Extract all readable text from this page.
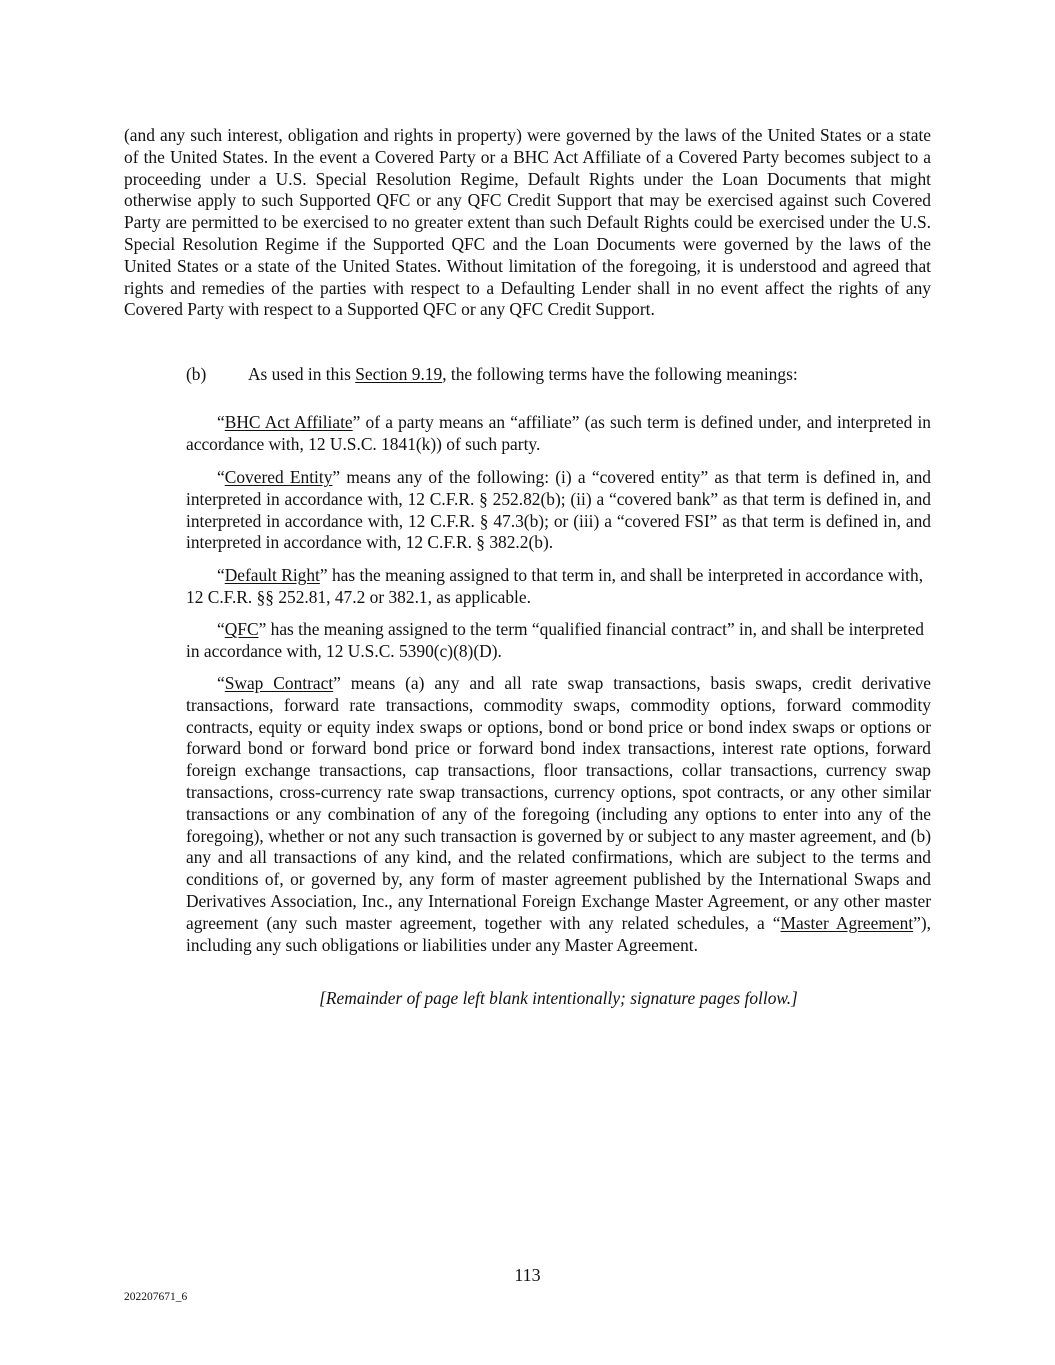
(and any such interest, obligation and rights in property) were governed by the laws of the United States or a state of the United States. In the event a Covered Party or a BHC Act Affiliate of a Covered Party becomes subject to a proceeding under a U.S. Special Resolution Regime, Default Rights under the Loan Documents that might otherwise apply to such Supported QFC or any QFC Credit Support that may be exercised against such Covered Party are permitted to be exercised to no greater extent than such Default Rights could be exercised under the U.S. Special Resolution Regime if the Supported QFC and the Loan Documents were governed by the laws of the United States or a state of the United States. Without limitation of the foregoing, it is understood and agreed that rights and remedies of the parties with respect to a Defaulting Lender shall in no event affect the rights of any Covered Party with respect to a Supported QFC or any QFC Credit Support.

(b)	As used in this Section 9.19, the following terms have the following meanings:

“BHC Act Affiliate” of a party means an “affiliate” (as such term is defined under, and interpreted in accordance with, 12 U.S.C. 1841(k)) of such party.

“Covered Entity” means any of the following: (i) a “covered entity” as that term is defined in, and interpreted in accordance with, 12 C.F.R. § 252.82(b); (ii) a “covered bank” as that term is defined in, and interpreted in accordance with, 12 C.F.R. § 47.3(b); or (iii) a “covered FSI” as that term is defined in, and interpreted in accordance with, 12 C.F.R. § 382.2(b).

“Default Right” has the meaning assigned to that term in, and shall be interpreted in accordance with, 12 C.F.R. §§ 252.81, 47.2 or 382.1, as applicable.

“QFC” has the meaning assigned to the term “qualified financial contract” in, and shall be interpreted in accordance with, 12 U.S.C. 5390(c)(8)(D).

“Swap Contract” means (a) any and all rate swap transactions, basis swaps, credit derivative transactions, forward rate transactions, commodity swaps, commodity options, forward commodity contracts, equity or equity index swaps or options, bond or bond price or bond index swaps or options or forward bond or forward bond price or forward bond index transactions, interest rate options, forward foreign exchange transactions, cap transactions, floor transactions, collar transactions, currency swap transactions, cross-currency rate swap transactions, currency options, spot contracts, or any other similar transactions or any combination of any of the foregoing (including any options to enter into any of the foregoing), whether or not any such transaction is governed by or subject to any master agreement, and (b) any and all transactions of any kind, and the related confirmations, which are subject to the terms and conditions of, or governed by, any form of master agreement published by the International Swaps and Derivatives Association, Inc., any International Foreign Exchange Master Agreement, or any other master agreement (any such master agreement, together with any related schedules, a “Master Agreement”), including any such obligations or liabilities under any Master Agreement.

[Remainder of page left blank intentionally; signature pages follow.]
113
202207671_6
